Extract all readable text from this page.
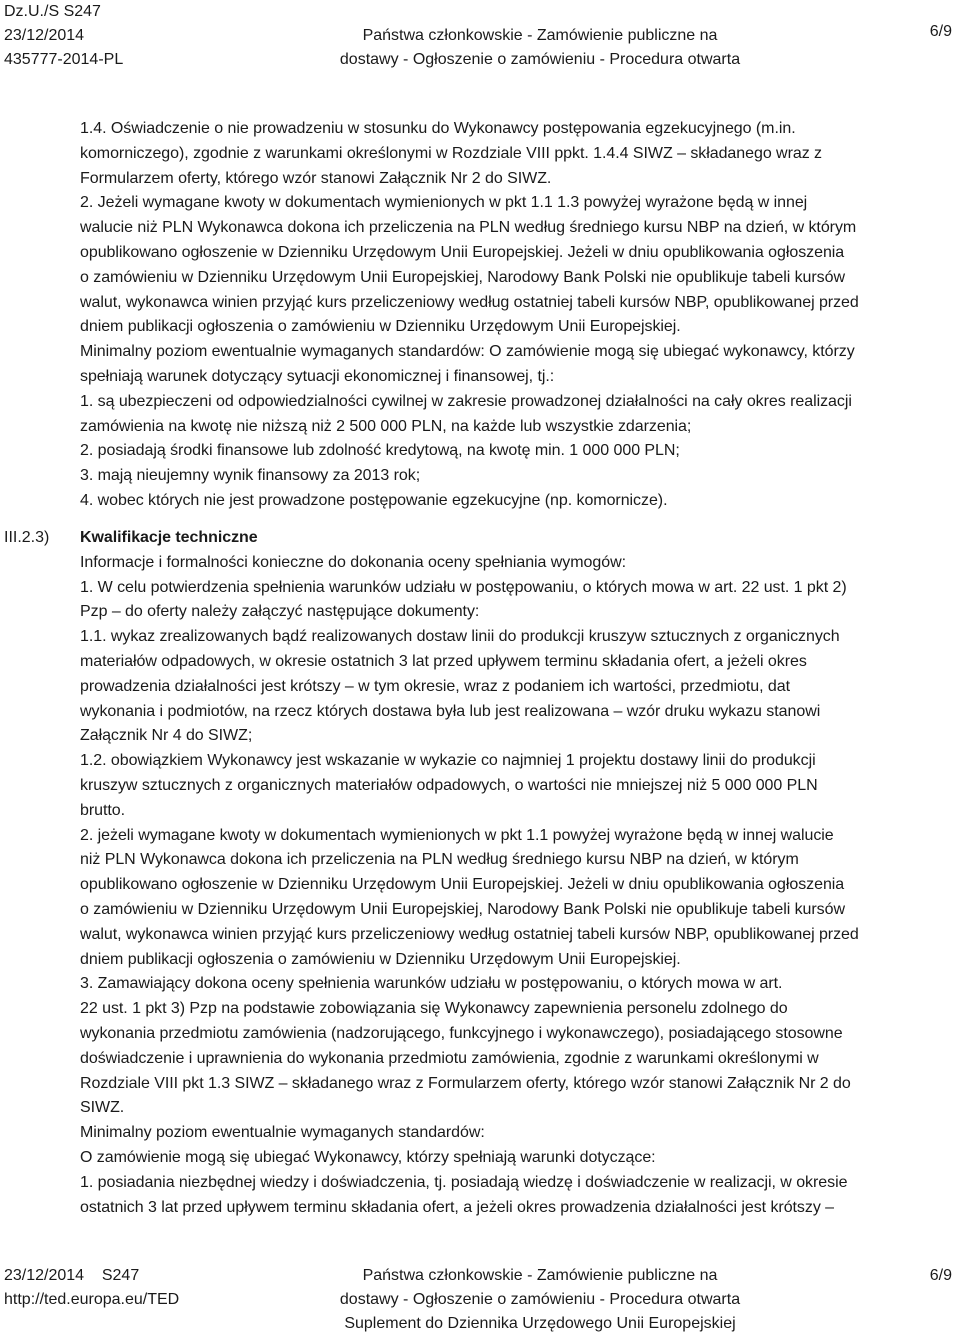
Dz.U./S S247
23/12/2014
435777-2014-PL
Państwa członkowskie - Zamówienie publiczne na
dostawy - Ogłoszenie o zamówieniu - Procedura otwarta
6/9
III.2.3)
1.4. Oświadczenie o nie prowadzeniu w stosunku do Wykonawcy postępowania egzekucyjnego (m.in.
komorniczego), zgodnie z warunkami określonymi w Rozdziale VIII ppkt. 1.4.4 SIWZ – składanego wraz z
Formularzem oferty, którego wzór stanowi Załącznik Nr 2 do SIWZ.
2. Jeżeli wymagane kwoty w dokumentach wymienionych w pkt 1.1 1.3 powyżej wyrażone będą w innej
walucie niż PLN Wykonawca dokona ich przeliczenia na PLN według średniego kursu NBP na dzień, w którym
opublikowano ogłoszenie w Dzienniku Urzędowym Unii Europejskiej. Jeżeli w dniu opublikowania ogłoszenia
o zamówieniu w Dzienniku Urzędowym Unii Europejskiej, Narodowy Bank Polski nie opublikuje tabeli kursów
walut, wykonawca winien przyjąć kurs przeliczeniowy według ostatniej tabeli kursów NBP, opublikowanej przed
dniem publikacji ogłoszenia o zamówieniu w Dzienniku Urzędowym Unii Europejskiej.
Minimalny poziom ewentualnie wymaganych standardów: O zamówienie mogą się ubiegać wykonawcy, którzy
spełniają warunek dotyczący sytuacji ekonomicznej i finansowej, tj.:
1. są ubezpieczeni od odpowiedzialności cywilnej w zakresie prowadzonej działalności na cały okres realizacji
zamówienia na kwotę nie niższą niż 2 500 000 PLN, na każde lub wszystkie zdarzenia;
2. posiadają środki finansowe lub zdolność kredytową, na kwotę min. 1 000 000 PLN;
3. mają nieujemny wynik finansowy za 2013 rok;
4. wobec których nie jest prowadzone postępowanie egzekucyjne (np. komornicze).
Kwalifikacje techniczne
Informacje i formalności konieczne do dokonania oceny spełniania wymogów:
1. W celu potwierdzenia spełnienia warunków udziału w postępowaniu, o których mowa w art. 22 ust. 1 pkt 2)
Pzp – do oferty należy załączyć następujące dokumenty:
1.1. wykaz zrealizowanych bądź realizowanych dostaw linii do produkcji kruszyw sztucznych z organicznych
materiałów odpadowych, w okresie ostatnich 3 lat przed upływem terminu składania ofert, a jeżeli okres
prowadzenia działalności jest krótszy – w tym okresie, wraz z podaniem ich wartości, przedmiotu, dat
wykonania i podmiotów, na rzecz których dostawa była lub jest realizowana – wzór druku wykazu stanowi
Załącznik Nr 4 do SIWZ;
1.2. obowiązkiem Wykonawcy jest wskazanie w wykazie co najmniej 1 projektu dostawy linii do produkcji
kruszyw sztucznych z organicznych materiałów odpadowych, o wartości nie mniejszej niż 5 000 000 PLN
brutto.
2. jeżeli wymagane kwoty w dokumentach wymienionych w pkt 1.1 powyżej wyrażone będą w innej walucie
niż PLN Wykonawca dokona ich przeliczenia na PLN według średniego kursu NBP na dzień, w którym
opublikowano ogłoszenie w Dzienniku Urzędowym Unii Europejskiej. Jeżeli w dniu opublikowania ogłoszenia
o zamówieniu w Dzienniku Urzędowym Unii Europejskiej, Narodowy Bank Polski nie opublikuje tabeli kursów
walut, wykonawca winien przyjąć kurs przeliczeniowy według ostatniej tabeli kursów NBP, opublikowanej przed
dniem publikacji ogłoszenia o zamówieniu w Dzienniku Urzędowym Unii Europejskiej.
3. Zamawiający dokona oceny spełnienia warunków udziału w postępowaniu, o których mowa w art.
22 ust. 1 pkt 3) Pzp na podstawie zobowiązania się Wykonawcy zapewnienia personelu zdolnego do
wykonania przedmiotu zamówienia (nadzorującego, funkcyjnego i wykonawczego), posiadającego stosowne
doświadczenie i uprawnienia do wykonania przedmiotu zamówienia, zgodnie z warunkami określonymi w
Rozdziale VIII pkt 1.3 SIWZ – składanego wraz z Formularzem oferty, którego wzór stanowi Załącznik Nr 2 do
SIWZ.
Minimalny poziom ewentualnie wymaganych standardów:
O zamówienie mogą się ubiegać Wykonawcy, którzy spełniają warunki dotyczące:
1. posiadania niezbędnej wiedzy i doświadczenia, tj. posiadają wiedzę i doświadczenie w realizacji, w okresie
ostatnich 3 lat przed upływem terminu składania ofert, a jeżeli okres prowadzenia działalności jest krótszy –
23/12/2014 S247
http://ted.europa.eu/TED
Państwa członkowskie - Zamówienie publiczne na
dostawy - Ogłoszenie o zamówieniu - Procedura otwarta
Suplement do Dziennika Urzędowego Unii Europejskiej
6/9
